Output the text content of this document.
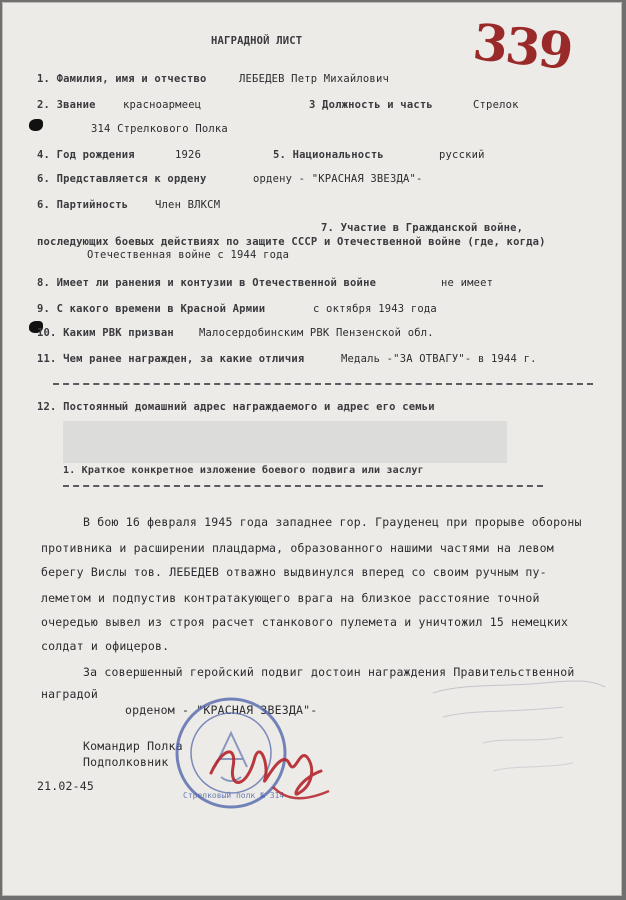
339
НАГРАДНОЙ ЛИСТ
1. Фамилия, имя и отчество	ЛЕБЕДЕВ Петр Михайлович
2. Звание	красноармеец	3 Должность и часть	Стрелок
314 Стрелкового Полка
4. Год рождения	1926	5. Национальность	русский
6. Представляется к ордену	ордену - "КРАСНАЯ ЗВЕЗДА"-
6. Партийность	Член ВЛКСМ
7. Участие в Гражданской войне, последующих боевых действиях по защите СССР и Отечественной войне (где, когда)
Отечественная войне с 1944 года
8. Имеет ли ранения и контузии в Отечественной войне	не имеет
9. С какого времени в Красной Армии	с октября 1943 года
10. Каким РВК призван Малосердобинским РВК Пензенской обл.
11. Чем ранее награжден, за какие отличия	Медаль -"ЗА ОТВАГУ"- в 1944 г.
12. Постоянный домашний адрес награждаемого и адрес его семьи
1. Краткое конкретное изложение боевого подвига или заслуг
В бою 16 февраля 1945 года западнее гор. Грауденец при прорыве обороны
противника и расширении плацдарма, образованного нашими частями на левом
берегу Вислы тов. ЛЕБЕДЕВ отважно выдвинулся вперед со своим ручным пу-
леметом и подпустив контратакующего врага на близкое расстояние точной
очередью вывел из строя расчет станкового пулемета и уничтожил 15 немецких
солдат и офицеров.
За совершенный геройский подвиг достоин награждения Правительственной
наградой
орденом - "КРАСНАЯ ЗВЕЗДА"-
Командир Полка
Подполковник
21.02-45
Стрелковый полк № 314
